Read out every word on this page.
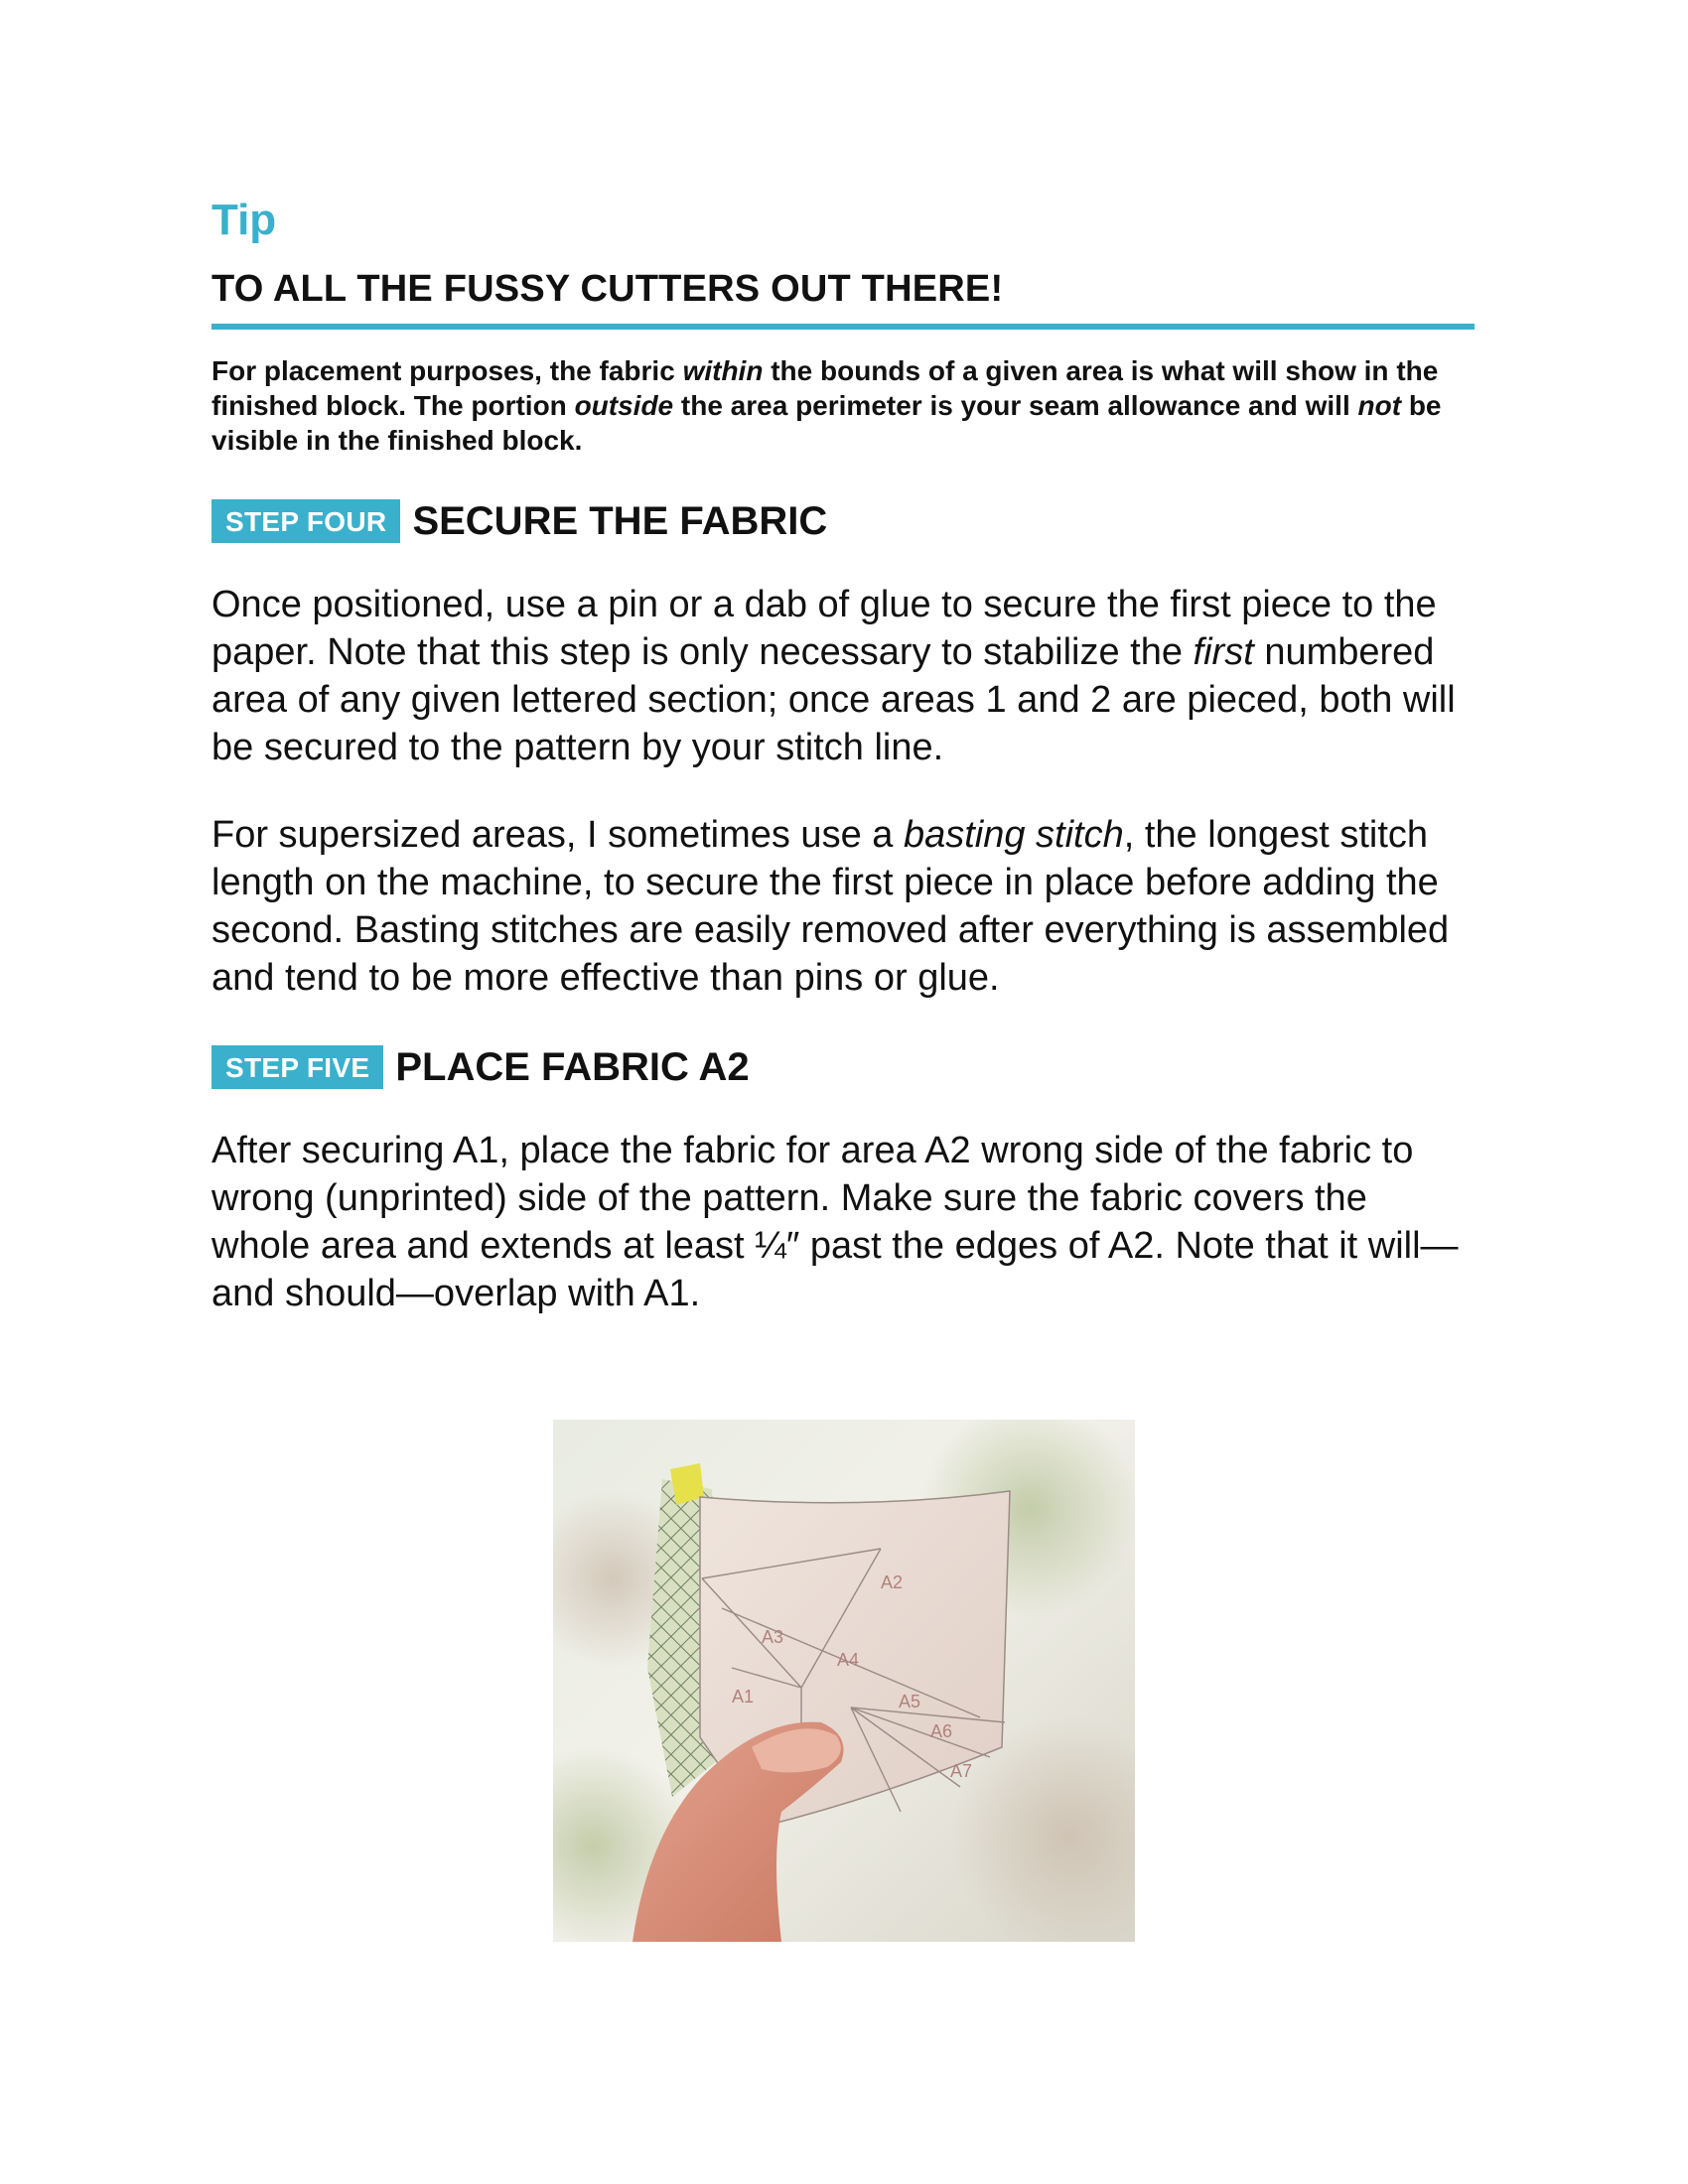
Tip
TO ALL THE FUSSY CUTTERS OUT THERE!

For placement purposes, the fabric within the bounds of a given area is what will show in the finished block. The portion outside the area perimeter is your seam allowance and will not be visible in the finished block.

STEP FOUR SECURE THE FABRIC

Once positioned, use a pin or a dab of glue to secure the first piece to the paper. Note that this step is only necessary to stabilize the first numbered area of any given lettered section; once areas 1 and 2 are pieced, both will be secured to the pattern by your stitch line.

For supersized areas, I sometimes use a basting stitch, the longest stitch length on the machine, to secure the first piece in place before adding the second. Basting stitches are easily removed after everything is assembled and tend to be more effective than pins or glue.

STEP FIVE PLACE FABRIC A2

After securing A1, place the fabric for area A2 wrong side of the fabric to wrong (unprinted) side of the pattern. Make sure the fabric covers the whole area and extends at least ¼″ past the edges of A2. Note that it will—and should—overlap with A1.

A2
A3
A4
A1	A5
A6
A7
